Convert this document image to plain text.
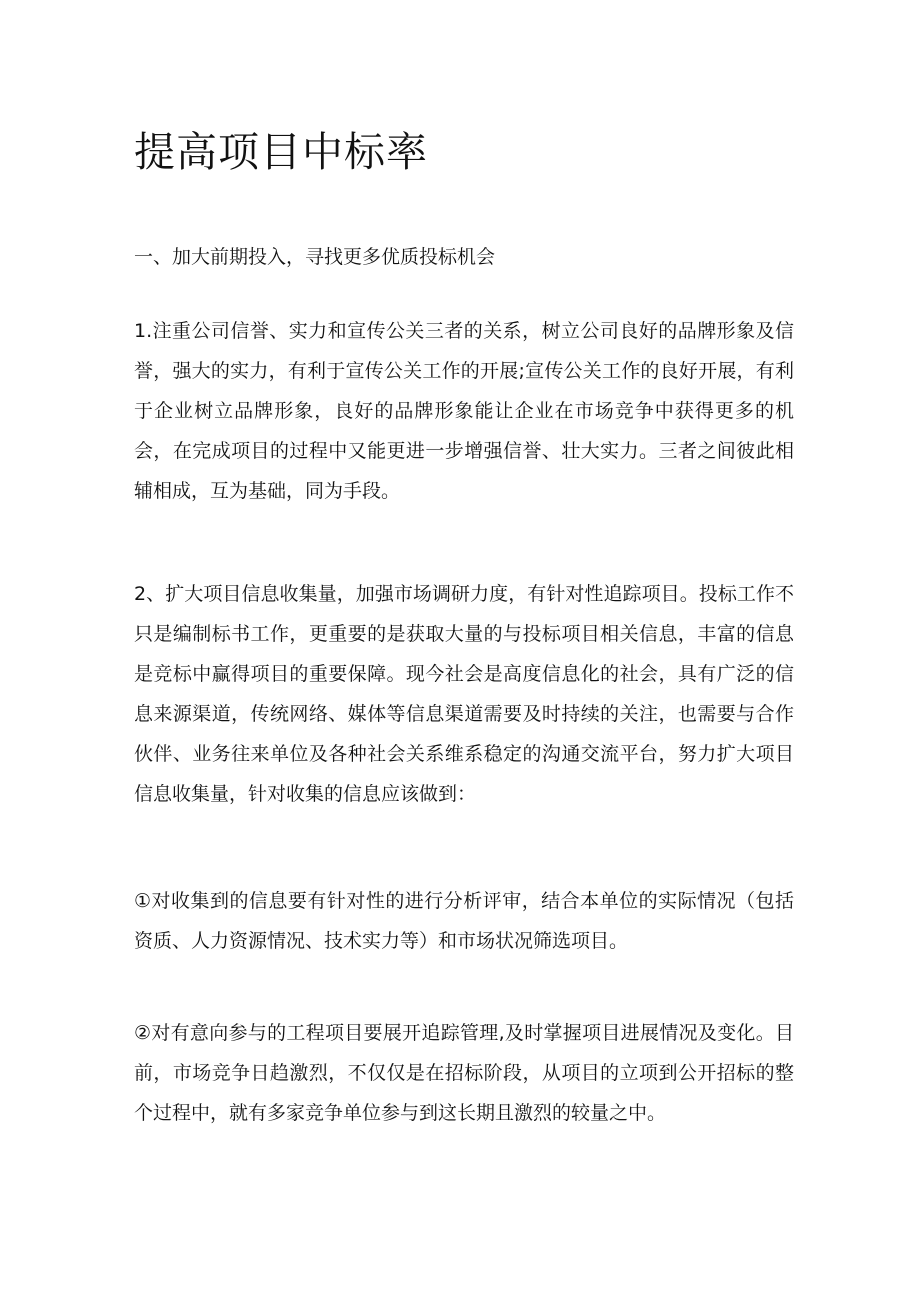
提高项目中标率
一、加大前期投入，寻找更多优质投标机会

1.注重公司信誉、实力和宣传公关三者的关系，树立公司良好的品牌形象及信誉，强大的实力，有利于宣传公关工作的开展;宣传公关工作的良好开展，有利于企业树立品牌形象，良好的品牌形象能让企业在市场竞争中获得更多的机会，在完成项目的过程中又能更进一步增强信誉、壮大实力。三者之间彼此相辅相成，互为基础，同为手段。

2、扩大项目信息收集量，加强市场调研力度，有针对性追踪项目。投标工作不只是编制标书工作，更重要的是获取大量的与投标项目相关信息，丰富的信息是竞标中赢得项目的重要保障。现今社会是高度信息化的社会，具有广泛的信息来源渠道，传统网络、媒体等信息渠道需要及时持续的关注，也需要与合作伙伴、业务往来单位及各种社会关系维系稳定的沟通交流平台，努力扩大项目信息收集量，针对收集的信息应该做到：

①对收集到的信息要有针对性的进行分析评审，结合本单位的实际情况（包括资质、人力资源情况、技术实力等）和市场状况筛选项目。

②对有意向参与的工程项目要展开追踪管理,及时掌握项目进展情况及变化。目前，市场竞争日趋激烈，不仅仅是在招标阶段，从项目的立项到公开招标的整个过程中，就有多家竞争单位参与到这长期且激烈的较量之中。
